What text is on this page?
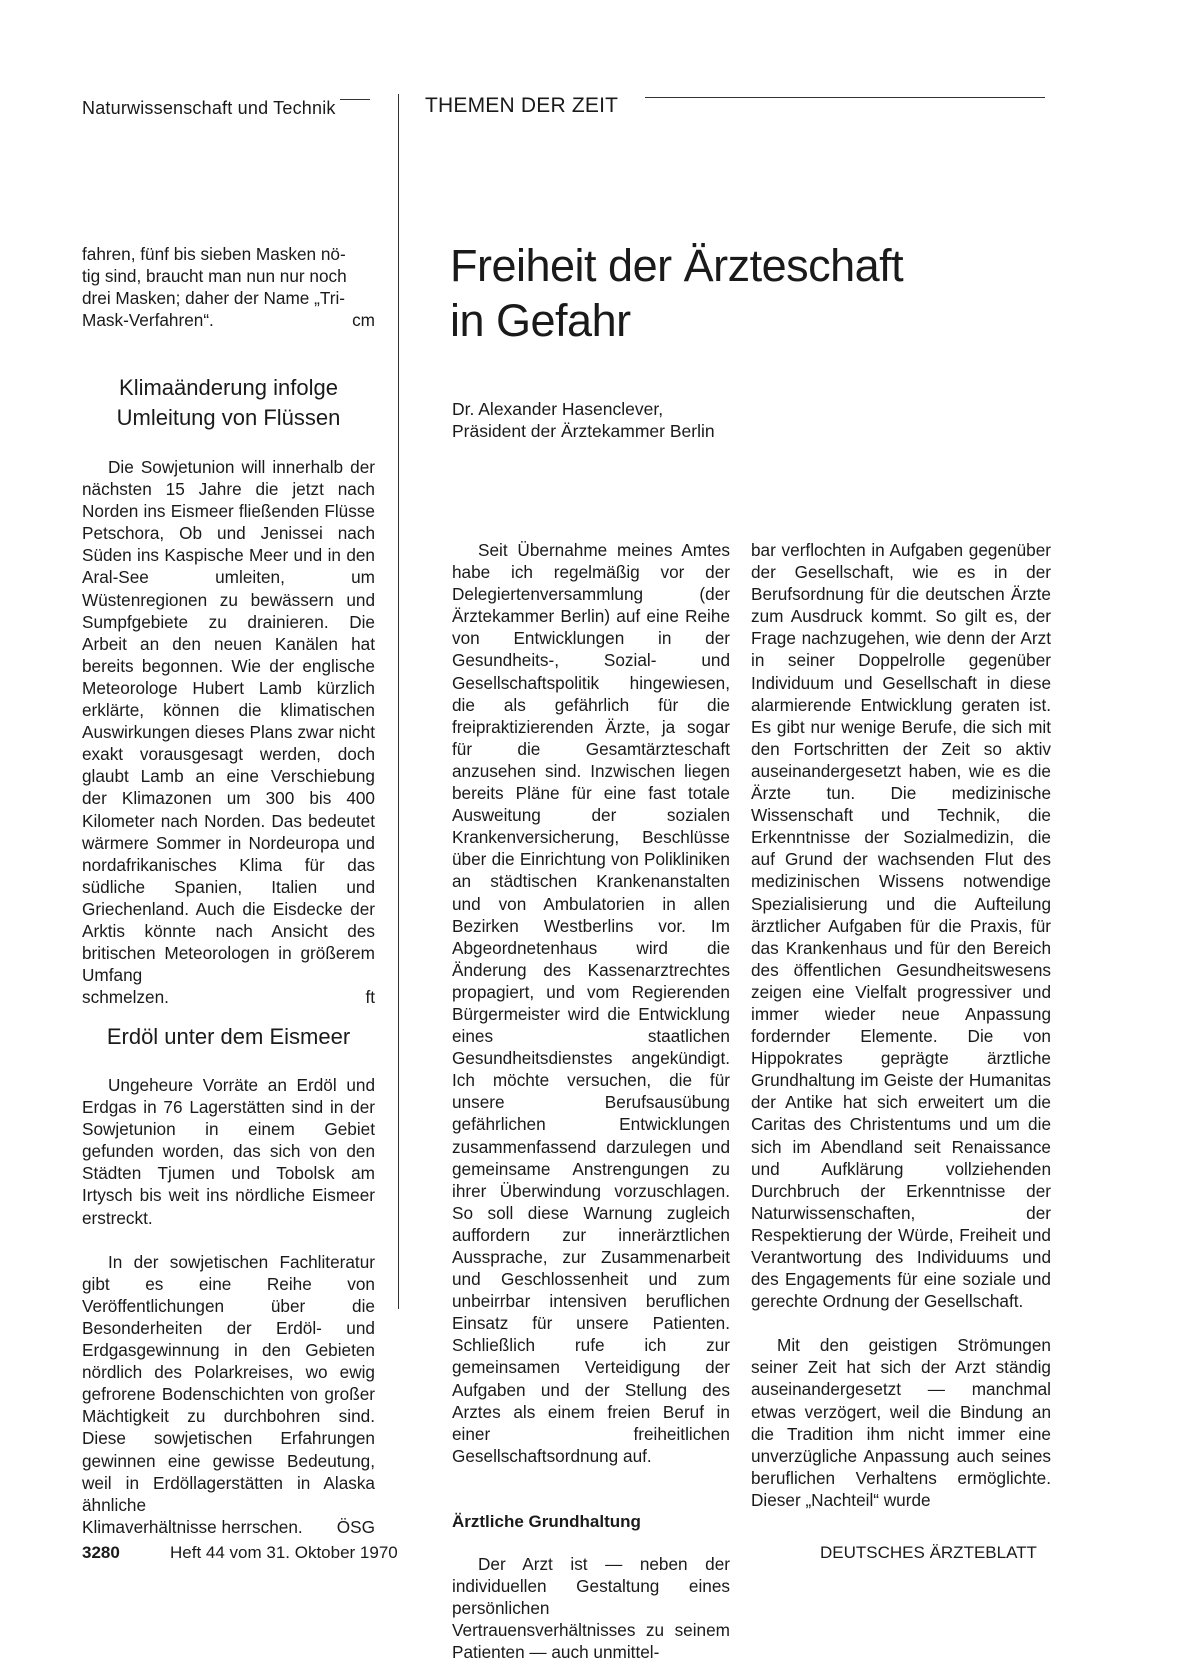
Naturwissenschaft und Technik	THEMEN DER ZEIT

fahren, fünf bis sieben Masken nö-
tig sind, braucht man nun nur noch
drei Masken; daher der Name „Tri-

Mask-Verfahren“.	cm
Klimaänderung infolge
Umleitung von Flüssen

Die Sowjetunion will innerhalb der nächsten 15 Jahre die jetzt nach Norden ins Eismeer fließenden Flüsse Petschora, Ob und Jenissei nach Süden ins Kaspische Meer und in den Aral-See umleiten, um Wüstenregionen zu bewässern und Sumpfgebiete zu drainieren. Die Arbeit an den neuen Kanälen hat bereits begonnen. Wie der englische Meteorologe Hubert Lamb kürzlich erklärte, können die klimatischen Auswirkungen dieses Plans zwar nicht exakt vorausgesagt werden, doch glaubt Lamb an eine Verschiebung der Klimazonen um 300 bis 400 Kilometer nach Norden. Das bedeutet wärmere Sommer in Nordeuropa und nordafrikanisches Klima für das südliche Spanien, Italien und Griechenland. Auch die Eisdecke der Arktis könnte nach Ansicht des britischen Meteorologen in größerem Umfang

schmelzen.	ft
Erdöl unter dem Eismeer

Ungeheure Vorräte an Erdöl und Erdgas in 76 Lagerstätten sind in der Sowjetunion in einem Gebiet gefunden worden, das sich von den Städten Tjumen und Tobolsk am Irtysch bis weit ins nördliche Eismeer erstreckt.

In der sowjetischen Fachliteratur gibt es eine Reihe von Veröffentlichungen über die Besonderheiten der Erdöl- und Erdgasgewinnung in den Gebieten nördlich des Polarkreises, wo ewig gefrorene Bodenschichten von großer Mächtigkeit zu durchbohren sind. Diese sowjetischen Erfahrungen gewinnen eine gewisse Bedeutung, weil in Erdöllagerstätten in Alaska ähnliche

Klimaverhältnisse herrschen. ÖSG
Freiheit der Ärzteschaft
in Gefahr
Dr. Alexander Hasenclever,
Präsident der Ärztekammer Berlin

Seit Übernahme meines Amtes habe ich regelmäßig vor der Delegiertenversammlung (der Ärztekammer Berlin) auf eine Reihe von Entwicklungen in der Gesundheits-, Sozial- und Gesellschaftspolitik hingewiesen, die als gefährlich für die freipraktizierenden Ärzte, ja sogar für die Gesamtärzteschaft anzusehen sind. Inzwischen liegen bereits Pläne für eine fast totale Ausweitung der sozialen Krankenversicherung, Beschlüsse über die Einrichtung von Polikliniken an städtischen Krankenanstalten und von Ambulatorien in allen Bezirken Westberlins vor. Im Abgeordnetenhaus wird die Änderung des Kassenarztrechtes propagiert, und vom Regierenden Bürgermeister wird die Entwicklung eines staatlichen Gesundheitsdienstes angekündigt. Ich möchte versuchen, die für unsere Berufsausübung gefährlichen Entwicklungen zusammenfassend darzulegen und gemeinsame Anstrengungen zu ihrer Überwindung vorzuschlagen. So soll diese Warnung zugleich auffordern zur innerärztlichen Aussprache, zur Zusammenarbeit und Geschlossenheit und zum unbeirrbar intensiven beruflichen Einsatz für unsere Patienten. Schließlich rufe ich zur gemeinsamen Verteidigung der Aufgaben und der Stellung des Arztes als einem freien Beruf in einer freiheitlichen Gesellschaftsordnung auf.

Ärztliche Grundhaltung

Der Arzt ist — neben der individuellen Gestaltung eines persönlichen Vertrauensverhältnisses zu seinem Patienten — auch unmittel-

bar verflochten in Aufgaben gegenüber der Gesellschaft, wie es in der Berufsordnung für die deutschen Ärzte zum Ausdruck kommt. So gilt es, der Frage nachzugehen, wie denn der Arzt in seiner Doppelrolle gegenüber Individuum und Gesellschaft in diese alarmierende Entwicklung geraten ist. Es gibt nur wenige Berufe, die sich mit den Fortschritten der Zeit so aktiv auseinandergesetzt haben, wie es die Ärzte tun. Die medizinische Wissenschaft und Technik, die Erkenntnisse der Sozialmedizin, die auf Grund der wachsenden Flut des medizinischen Wissens notwendige Spezialisierung und die Aufteilung ärztlicher Aufgaben für die Praxis, für das Krankenhaus und für den Bereich des öffentlichen Gesundheitswesens zeigen eine Vielfalt progressiver und immer wieder neue Anpassung fordernder Elemente. Die von Hippokrates geprägte ärztliche Grundhaltung im Geiste der Humanitas der Antike hat sich erweitert um die Caritas des Christentums und um die sich im Abendland seit Renaissance und Aufklärung vollziehenden Durchbruch der Erkenntnisse der Naturwissenschaften, der Respektierung der Würde, Freiheit und Verantwortung des Individuums und des Engagements für eine soziale und gerechte Ordnung der Gesellschaft.

Mit den geistigen Strömungen seiner Zeit hat sich der Arzt ständig auseinandergesetzt — manchmal etwas verzögert, weil die Bindung an die Tradition ihm nicht immer eine unverzügliche Anpassung auch seines beruflichen Verhaltens ermöglichte. Dieser „Nachteil“ wurde

3280	Heft 44 vom 31. Oktober 1970	DEUTSCHES ÄRZTEBLATT
